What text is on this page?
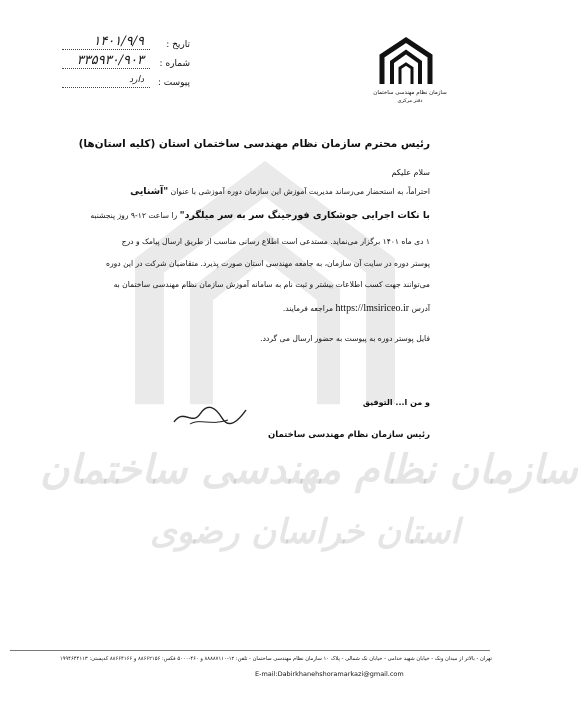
سازمان نظام مهندسی ساختمان
دفتر مرکزی
تاریخ :
۱۴۰۱/۹/۹
شماره :
۳۳۵۹۳۰/۹۰۳
پیوست :
دارد
رئیس محترم سازمان نظام مهندسی ساختمان استان (کلیه استان‌ها)
سلام علیکم
احتراماً، به استحضار می‌رساند مدیریت آموزش این سازمان دوره آموزشی با عنوان "آشنایی
با نکات اجرایی جوشکاری فورجینگ سر به سر میلگرد" را ساعت ۱۲-۹ روز پنجشنبه
۱ دی ماه ۱۴۰۱ برگزار می‌نماید. مستدعی است اطلاع رسانی مناسب از طریق ارسال پیامک و درج
پوستر دوره در سایت آن سازمان، به جامعه مهندسی استان صورت پذیرد. متقاضیان شرکت در این دوره
می‌توانند جهت کسب اطلاعات بیشتر و ثبت نام به سامانه آموزش سازمان نظام مهندسی ساختمان به
آدرس https://lmsiriceo.ir مراجعه فرمایند.
فایل پوستر دوره به پیوست به حضور ارسال می گردد.
و من ا... التوفیق
رئیس سازمان نظام مهندسی ساختمان
سازمان نظام مهندسی ساختمان
استان خراسان رضوی
تهران - بالاتر از میدان ونک - خیابان شهید خدامی - خیابان نک شمالی - پلاک ۱۰ سازمان نظام مهندسی ساختمان - تلفن: ۱۲-۸۸۸۸۷۱۱۰ و ۴۶۰-۵۰۰۰ فکس: ۸۸۶۶۲۱۵۶ و ۸۸۶۶۴۱۶۶ کدپستی: ۱۹۹۴۶۴۴۱۱۳
E-mail:Dabirkhanehshoramarkazi@gmail.com
